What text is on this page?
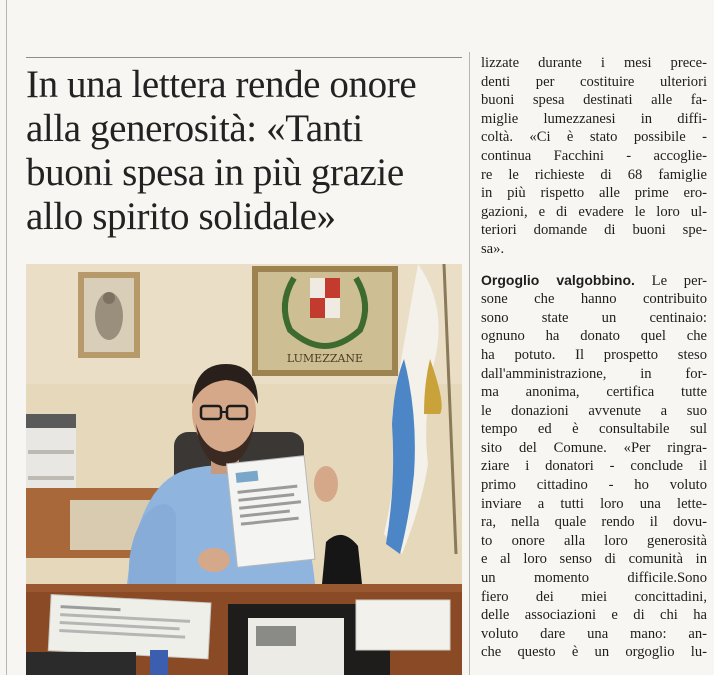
In una lettera rende onore
alla generosità: «Tanti
buoni spesa in più grazie
allo spirito solidale»
LUMEZZANE
lizzate durante i mesi prece-
denti per costituire ulteriori
buoni spesa destinati alle fa-
miglie lumezzanesi in diffi-
coltà. «Ci è stato possibile -
continua Facchini - accoglie-
re le richieste di 68 famiglie
in più rispetto alle prime ero-
gazioni, e di evadere le loro ul-
teriori domande di buoni spe-
sa».
Orgoglio valgobbino. Le per-
sone che hanno contribuito
sono state un centinaio:
ognuno ha donato quel che
ha potuto. Il prospetto steso
dall'amministrazione, in for-
ma anonima, certifica tutte
le donazioni avvenute a suo
tempo ed è consultabile sul
sito del Comune. «Per ringra-
ziare i donatori - conclude il
primo cittadino - ho voluto
inviare a tutti loro una lette-
ra, nella quale rendo il dovu-
to onore alla loro generosità
e al loro senso di comunità in
un momento difficile.Sono
fiero dei miei concittadini,
delle associazioni e di chi ha
voluto dare una mano: an-
che questo è un orgoglio lu-
